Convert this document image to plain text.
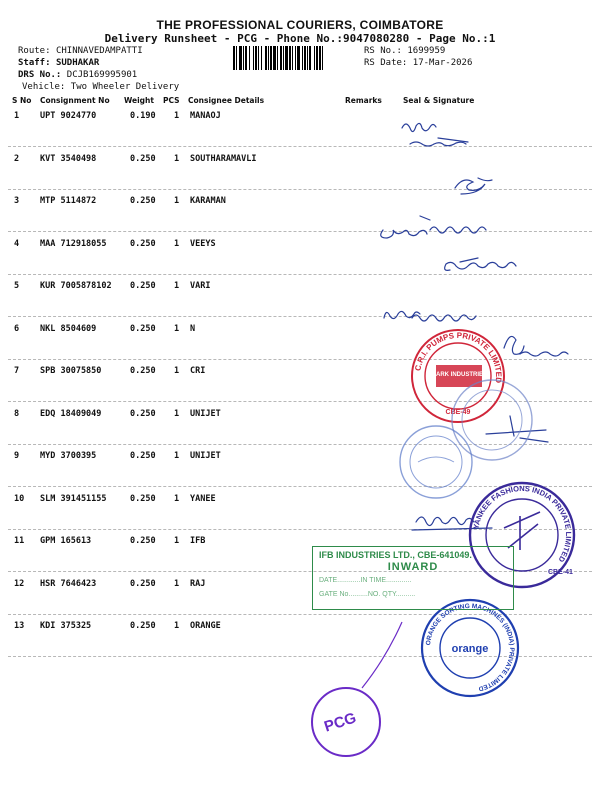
THE PROFESSIONAL COURIERS, COIMBATORE
Delivery Runsheet - PCG - Phone No.:9047080280 - Page No.:1
Route: CHINNAVEDAMPATTI
Staff: SUDHAKAR
DRS No.: DCJB169995901
Vehicle: Two Wheeler Delivery
RS No.: 1699959
RS Date: 17-Mar-2026
S No Consignment No Weight PCS Consignee Details	Remarks	Seal & Signature
1 UPT 9024770	0.190 1 MANAOJ
2 KVT 3540498	0.250 1 SOUTHARAMAVLI
3 MTP 5114872	0.250 1 KARAMAN
4 MAA 712918055	0.250 1 VEEYS
5 KUR 7005878102 0.250 1 VARI
6 NKL 8504609	0.250 1 N
7 SPB 30075850	0.250 1 CRI
8 EDQ 18409049	0.250 1 UNIJET
9 MYD 3700395	0.250 1 UNIJET
10 SLM 391451155	0.250 1 YANEE
11 GPM 165613	0.250 1 IFB
12 HSR 7646423	0.250 1 RAJ
13 KDI 375325	0.250 1 ORANGE
C.R.I. PUMPS PRIVATE LIMITED
MARK INDUSTRIES
CBE-49
YANKEE FASHIONS INDIA PRIVATE LIMITED
CBE-41
ORANGE SORTING MACHINES (INDIA) PRIVATE LIMITED
orange
IFB INDUSTRIES LTD., CBE-641049.
INWARD
DATE............IN TIME.............
GATE No..........NO. QTY..........
PCG
